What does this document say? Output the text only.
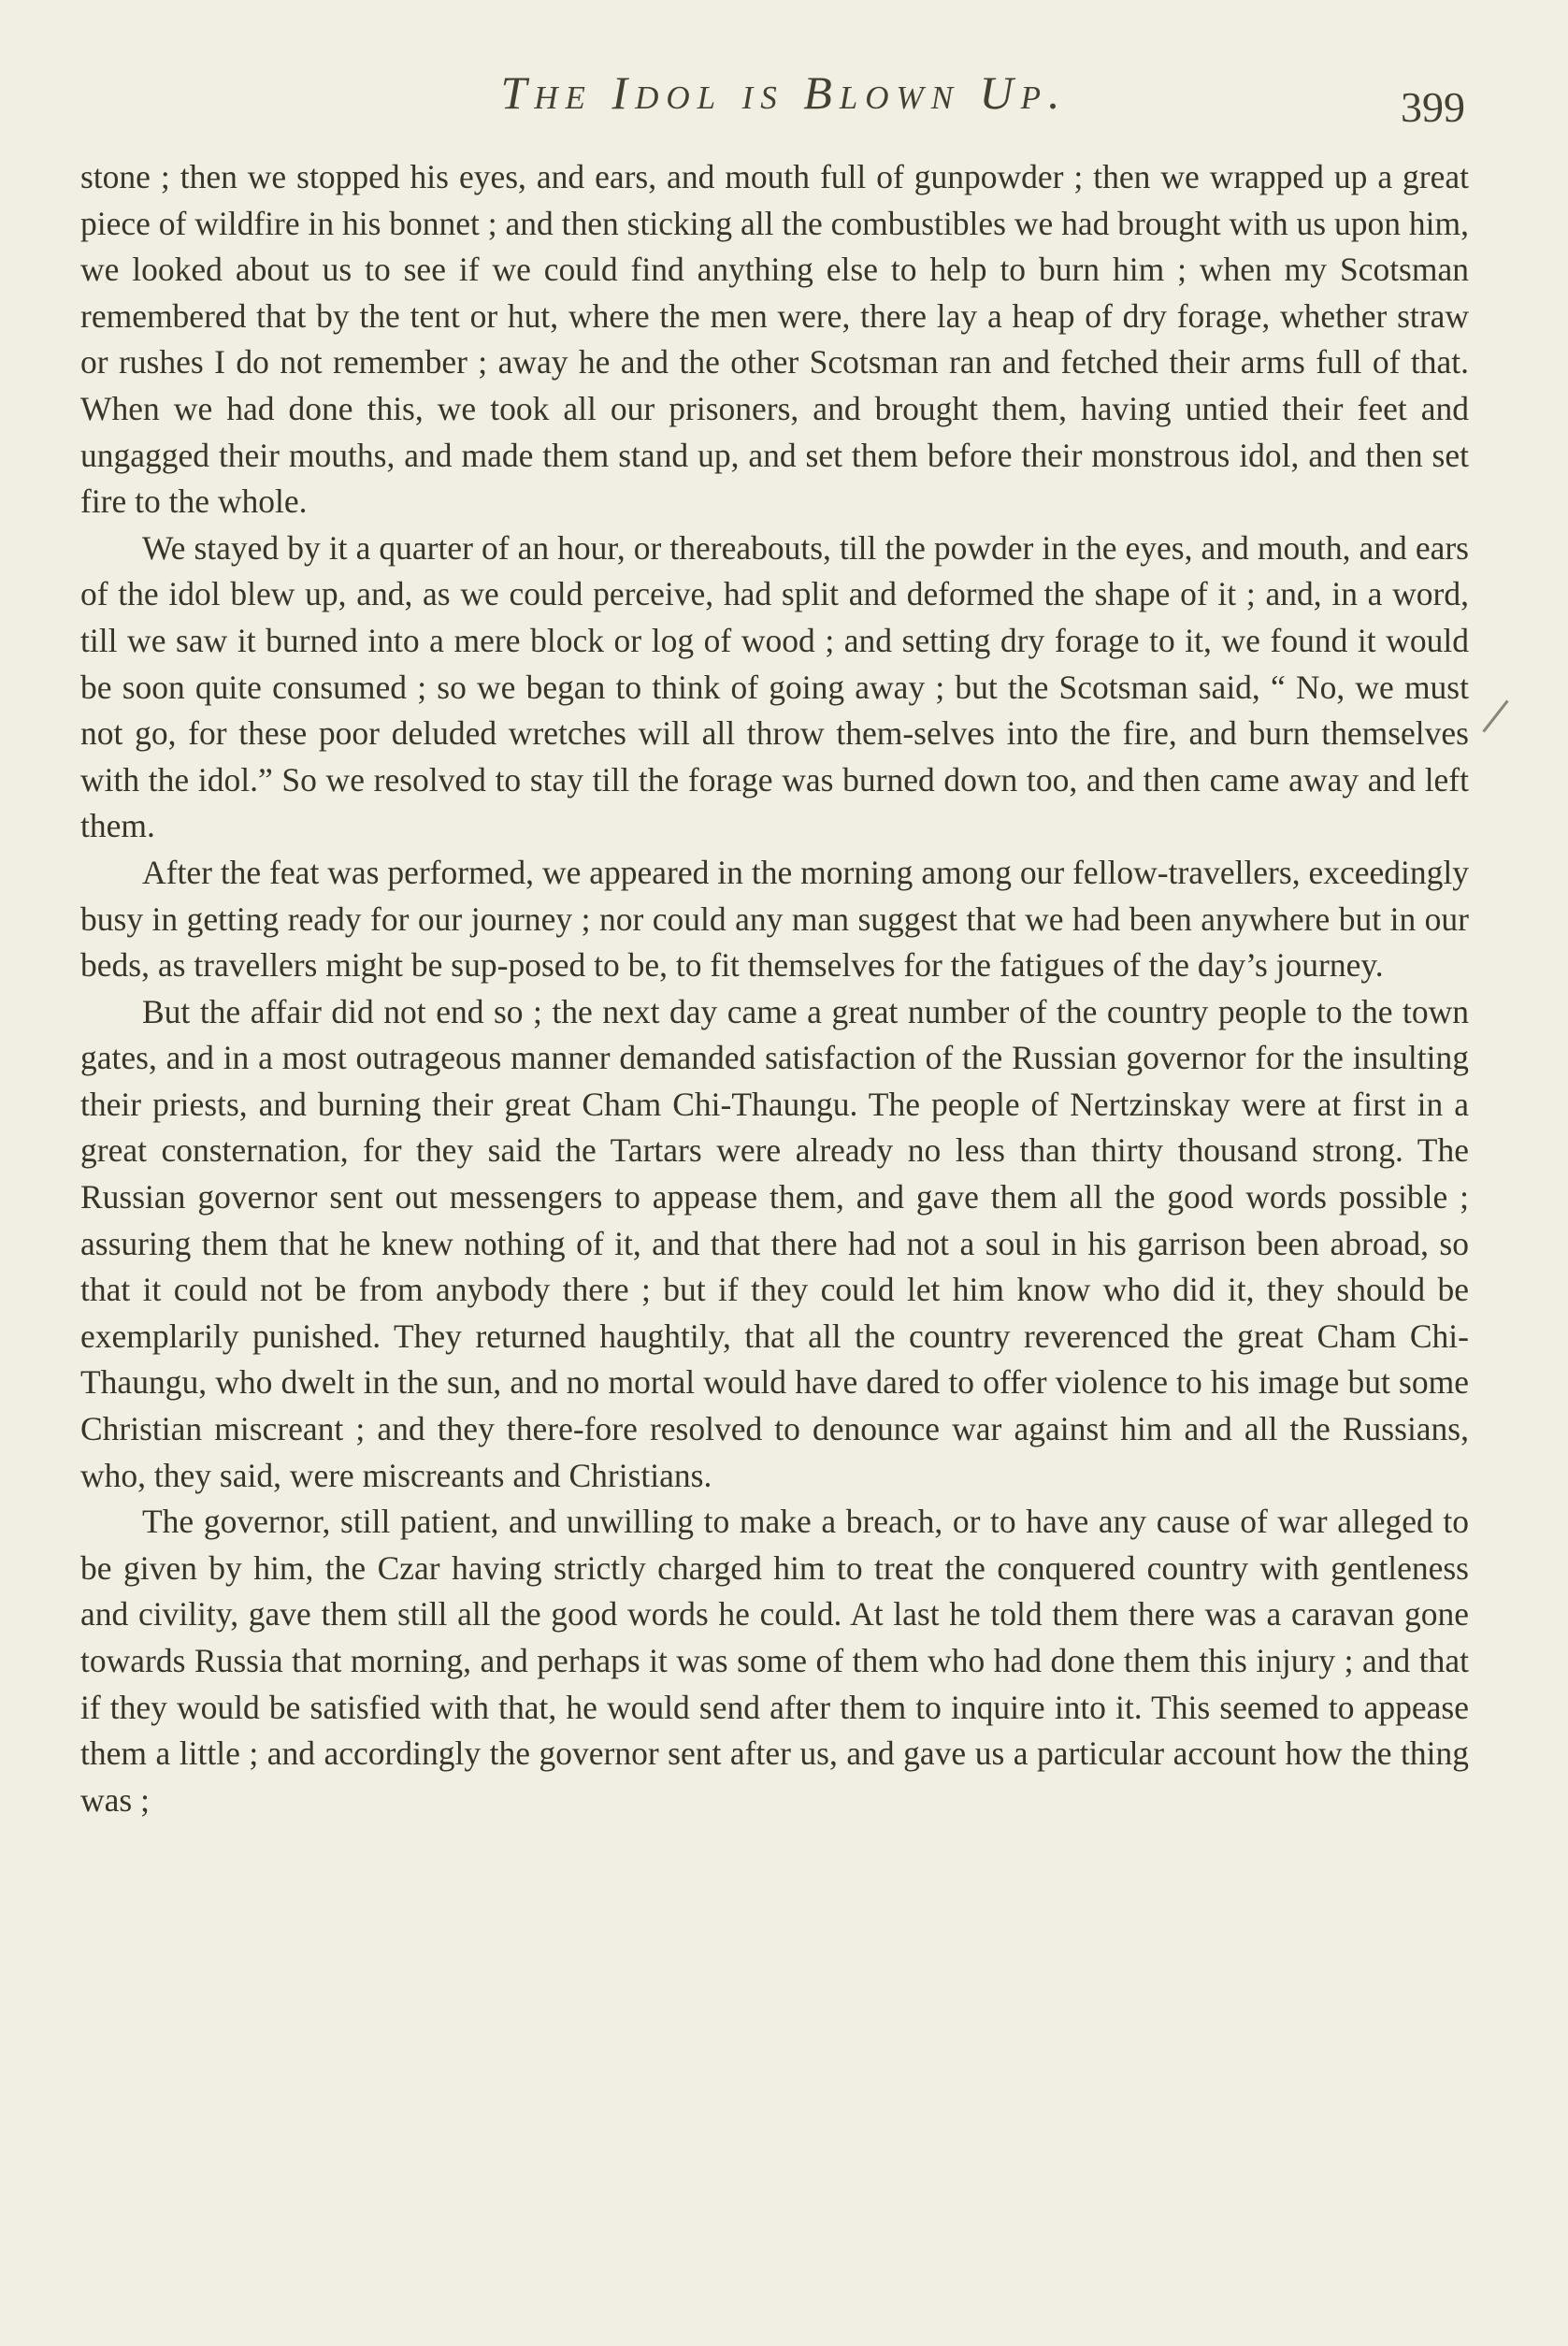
The Idol is Blown Up.	399

stone ; then we stopped his eyes, and ears, and mouth full of gunpowder ; then we wrapped up a great piece of wildfire in his bonnet ; and then sticking all the combustibles we had brought with us upon him, we looked about us to see if we could find anything else to help to burn him ; when my Scotsman remembered that by the tent or hut, where the men were, there lay a heap of dry forage, whether straw or rushes I do not remember ; away he and the other Scotsman ran and fetched their arms full of that. When we had done this, we took all our prisoners, and brought them, having untied their feet and ungagged their mouths, and made them stand up, and set them before their monstrous idol, and then set fire to the whole.

We stayed by it a quarter of an hour, or thereabouts, till the powder in the eyes, and mouth, and ears of the idol blew up, and, as we could perceive, had split and deformed the shape of it ; and, in a word, till we saw it burned into a mere block or log of wood ; and setting dry forage to it, we found it would be soon quite consumed ; so we began to think of going away ; but the Scotsman said, “ No, we must not go, for these poor deluded wretches will all throw them-selves into the fire, and burn themselves with the idol.” So we resolved to stay till the forage was burned down too, and then came away and left them.

After the feat was performed, we appeared in the morning among our fellow-travellers, exceedingly busy in getting ready for our journey ; nor could any man suggest that we had been anywhere but in our beds, as travellers might be sup-posed to be, to fit themselves for the fatigues of the day’s journey.

But the affair did not end so ; the next day came a great number of the country people to the town gates, and in a most outrageous manner demanded satisfaction of the Russian governor for the insulting their priests, and burning their great Cham Chi-Thaungu. The people of Nertzinskay were at first in a great consternation, for they said the Tartars were already no less than thirty thousand strong. The Russian governor sent out messengers to appease them, and gave them all the good words possible ; assuring them that he knew nothing of it, and that there had not a soul in his garrison been abroad, so that it could not be from anybody there ; but if they could let him know who did it, they should be exemplarily punished. They returned haughtily, that all the country reverenced the great Cham Chi-Thaungu, who dwelt in the sun, and no mortal would have dared to offer violence to his image but some Christian miscreant ; and they there-fore resolved to denounce war against him and all the Russians, who, they said, were miscreants and Christians.

The governor, still patient, and unwilling to make a breach, or to have any cause of war alleged to be given by him, the Czar having strictly charged him to treat the conquered country with gentleness and civility, gave them still all the good words he could. At last he told them there was a caravan gone towards Russia that morning, and perhaps it was some of them who had done them this injury ; and that if they would be satisfied with that, he would send after them to inquire into it. This seemed to appease them a little ; and accordingly the governor sent after us, and gave us a particular account how the thing was ;
